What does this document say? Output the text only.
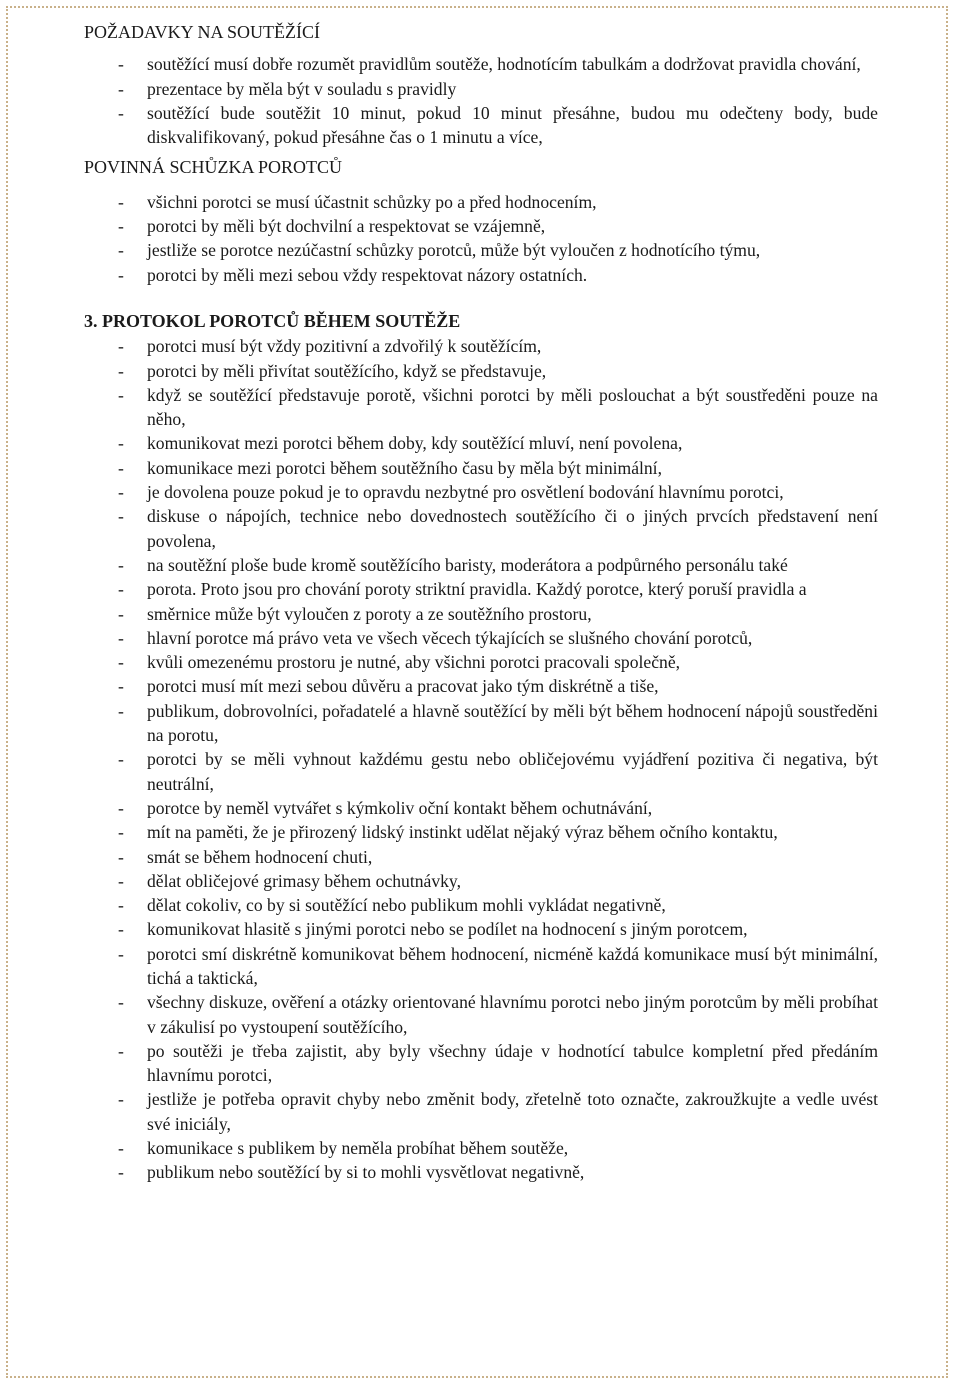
POŽADAVKY NA SOUTĚŽÍCÍ
- soutěžící musí dobře rozumět pravidlům soutěže, hodnotícím tabulkám a dodržovat pravidla chování,
- prezentace by měla být v souladu s pravidly
- soutěžící bude soutěžit 10 minut, pokud 10 minut přesáhne, budou mu odečteny body, bude diskvalifikovaný, pokud přesáhne čas o 1 minutu a více,
POVINNÁ SCHŮZKA POROTCŮ
- všichni porotci se musí účastnit schůzky po a před hodnocením,
- porotci by měli být dochvilní a respektovat se vzájemně,
- jestliže se porotce nezúčastní schůzky porotců, může být vyloučen z hodnotícího týmu,
- porotci by měli mezi sebou vždy respektovat názory ostatních.
3. PROTOKOL POROTCŮ BĚHEM SOUTĚŽE
- porotci musí být vždy pozitivní a zdvořilý k soutěžícím,
- porotci by měli přivítat soutěžícího, když se představuje,
- když se soutěžící představuje porotě, všichni porotci by měli poslouchat a být soustředěni pouze na něho,
- komunikovat mezi porotci během doby, kdy soutěžící mluví, není povolena,
- komunikace mezi porotci během soutěžního času by měla být minimální,
- je dovolena pouze pokud je to opravdu nezbytné pro osvětlení bodování hlavnímu porotci,
- diskuse o nápojích, technice nebo dovednostech soutěžícího či o jiných prvcích představení není povolena,
- na soutěžní ploše bude kromě soutěžícího baristy, moderátora a podpůrného personálu také
- porota. Proto jsou pro chování poroty striktní pravidla. Každý porotce, který poruší pravidla a
- směrnice může být vyloučen z poroty a ze soutěžního prostoru,
- hlavní porotce má právo veta ve všech věcech týkajících se slušného chování porotců,
- kvůli omezenému prostoru je nutné, aby všichni porotci pracovali společně,
- porotci musí mít mezi sebou důvěru a pracovat jako tým diskrétně a tiše,
- publikum, dobrovolníci, pořadatelé a hlavně soutěžící by měli být během hodnocení nápojů soustředěni na porotu,
- porotci by se měli vyhnout každému gestu nebo obličejovému vyjádření pozitiva či negativa, být neutrální,
- porotce by neměl vytvářet s kýmkoliv oční kontakt během ochutnávání,
- mít na paměti, že je přirozený lidský instinkt udělat nějaký výraz během očního kontaktu,
- smát se během hodnocení chuti,
- dělat obličejové grimasy během ochutnávky,
- dělat cokoliv, co by si soutěžící nebo publikum mohli vykládat negativně,
- komunikovat hlasitě s jinými porotci nebo se podílet na hodnocení s jiným porotcem,
- porotci smí diskrétně komunikovat během hodnocení, nicméně každá komunikace musí být minimální, tichá a taktická,
- všechny diskuze, ověření a otázky orientované hlavnímu porotci nebo jiným porotcům by měli probíhat v zákulisí po vystoupení soutěžícího,
- po soutěži je třeba zajistit, aby byly všechny údaje v hodnotící tabulce kompletní před předáním hlavnímu porotci,
- jestliže je potřeba opravit chyby nebo změnit body, zřetelně toto označte, zakroužkujte a vedle uvést své iniciály,
- komunikace s publikem by neměla probíhat během soutěže,
- publikum nebo soutěžící by si to mohli vysvětlovat negativně,
